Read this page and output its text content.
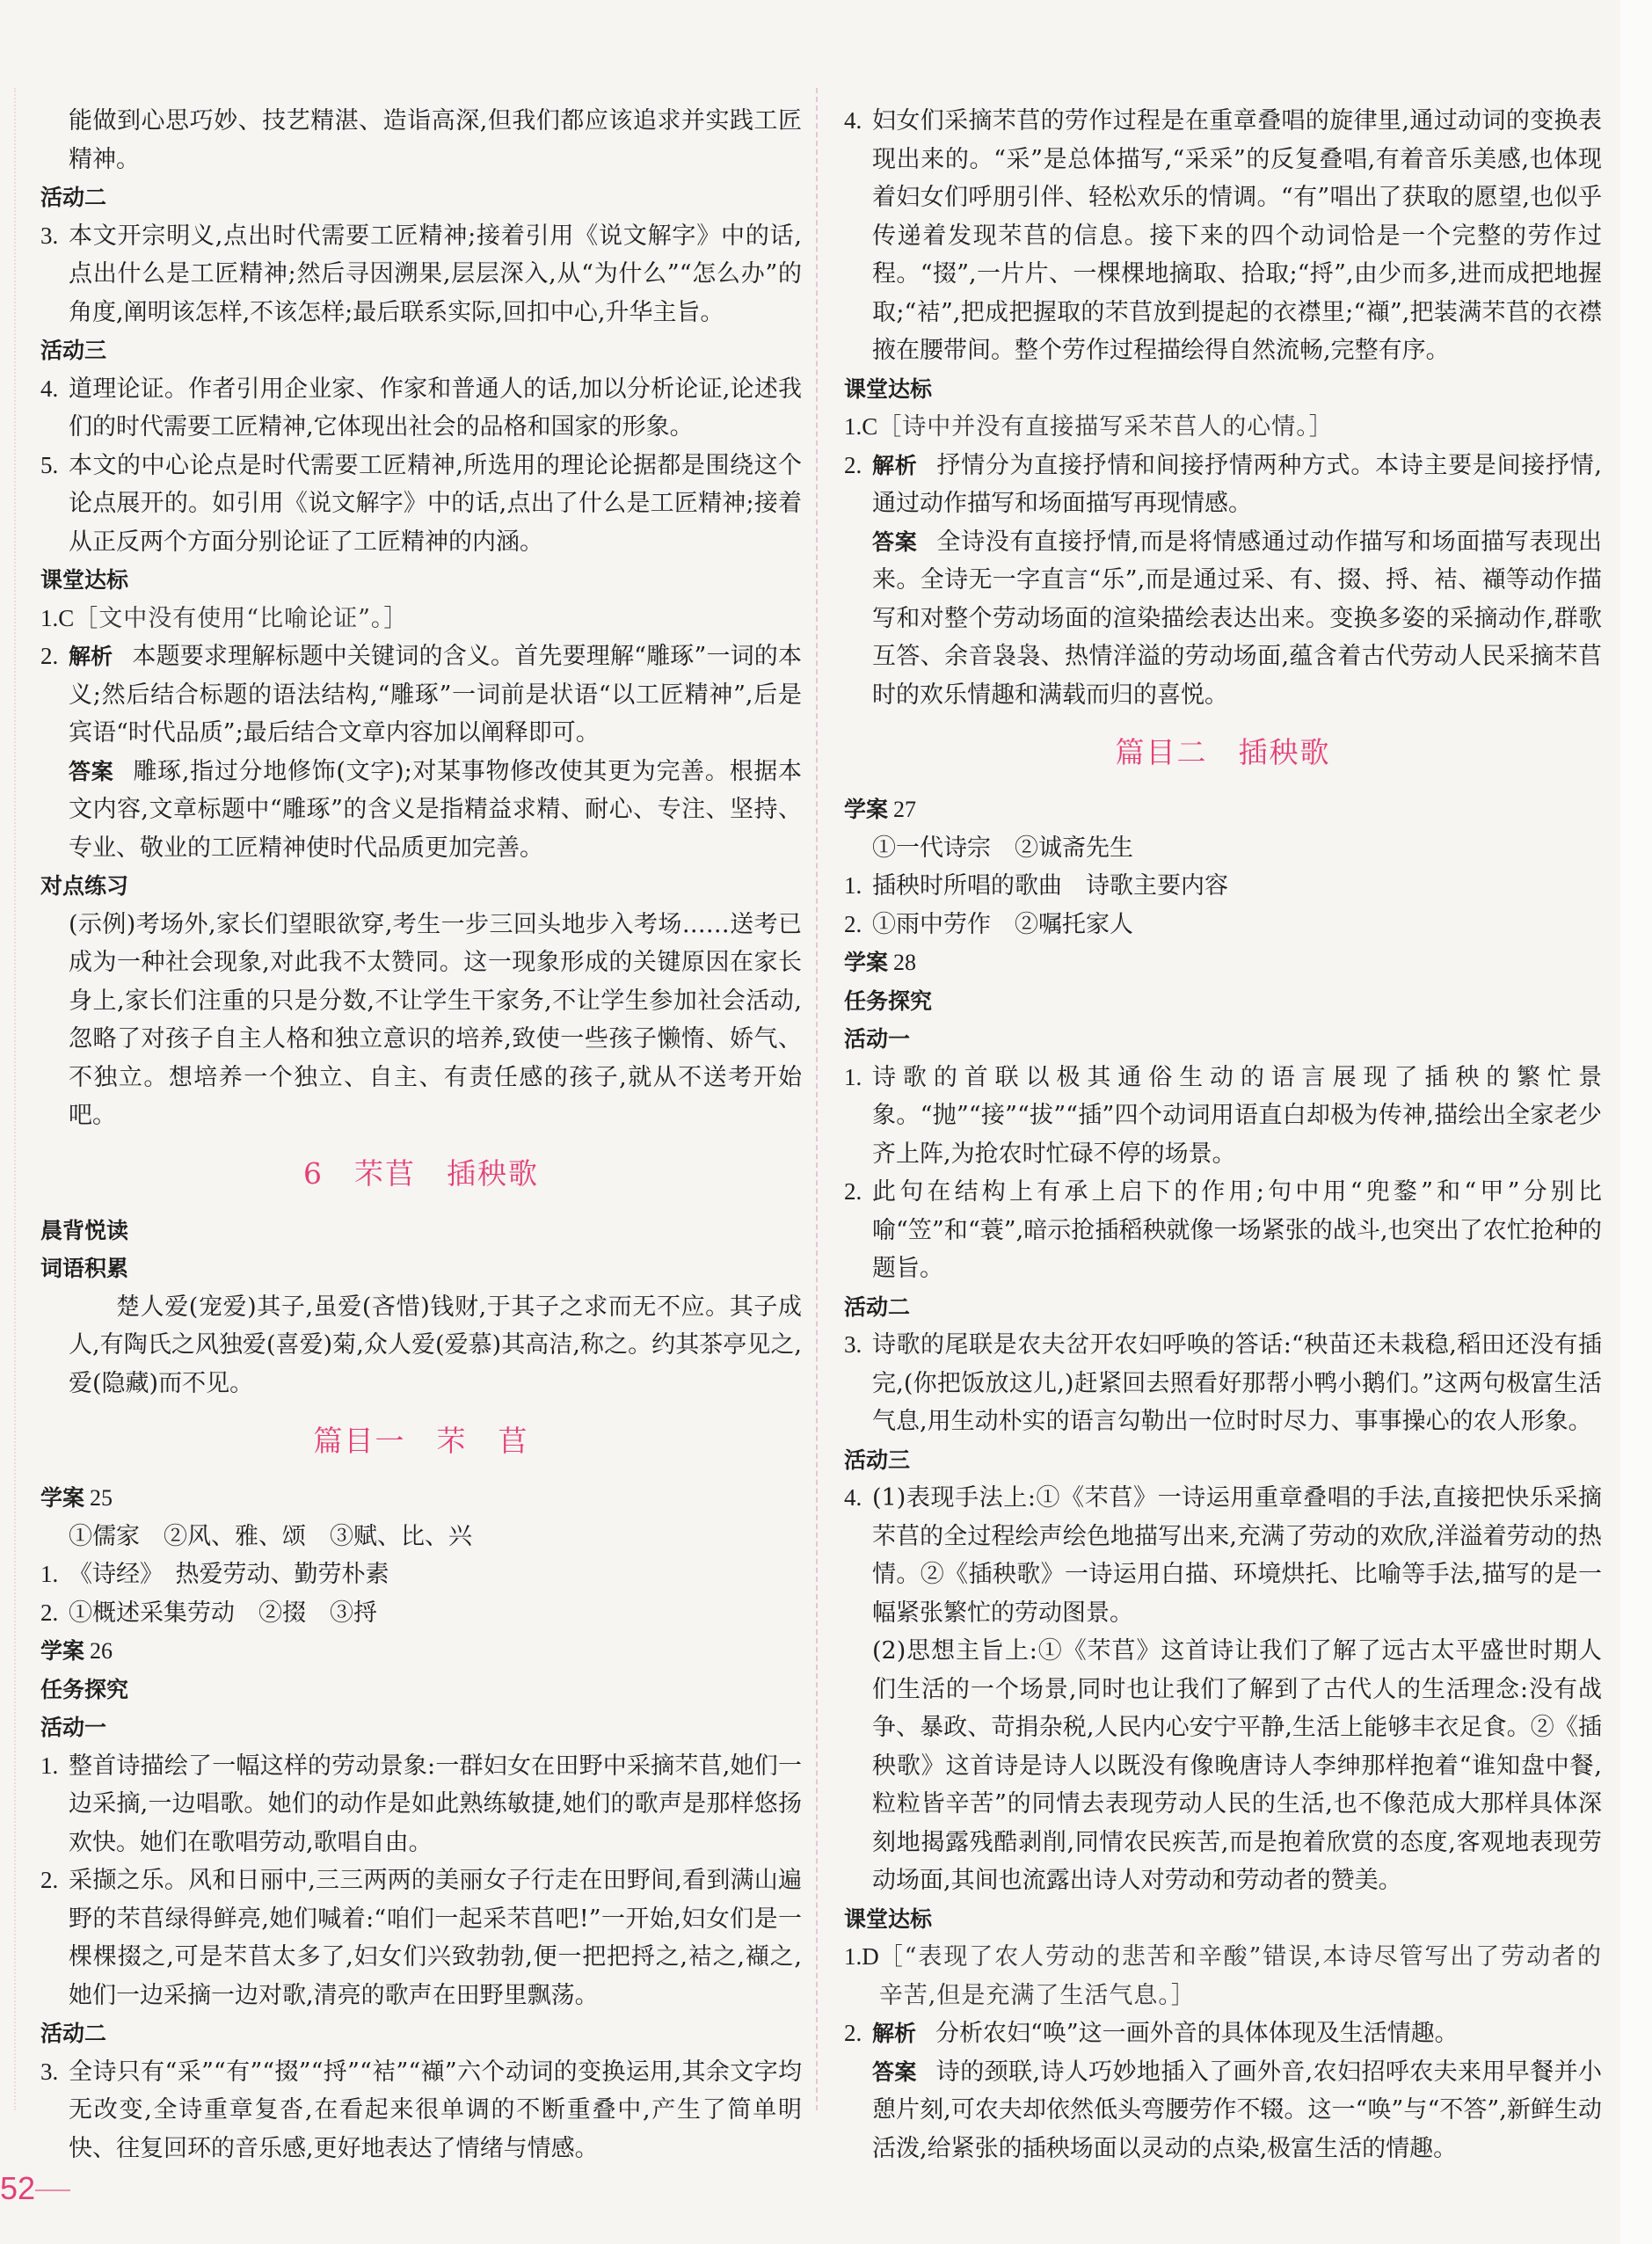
能做到心思巧妙、技艺精湛、造诣高深,但我们都应该追求并实践工匠精神。
活动二
3. 本文开宗明义,点出时代需要工匠精神;接着引用《说文解字》中的话,点出什么是工匠精神;然后寻因溯果,层层深入,从“为什么”“怎么办”的角度,阐明该怎样,不该怎样;最后联系实际,回扣中心,升华主旨。
活动三
4. 道理论证。作者引用企业家、作家和普通人的话,加以分析论证,论述我们的时代需要工匠精神,它体现出社会的品格和国家的形象。
5. 本文的中心论点是时代需要工匠精神,所选用的理论论据都是围绕这个论点展开的。如引用《说文解字》中的话,点出了什么是工匠精神;接着从正反两个方面分别论证了工匠精神的内涵。
课堂达标
1.C ［文中没有使用“比喻论证”。］
2. 解析 本题要求理解标题中关键词的含义。首先要理解“雕琢”一词的本义;然后结合标题的语法结构,“雕琢”一词前是状语“以工匠精神”,后是宾语“时代品质”;最后结合文章内容加以阐释即可。
答案 雕琢,指过分地修饰(文字);对某事物修改使其更为完善。根据本文内容,文章标题中“雕琢”的含义是指精益求精、耐心、专注、坚持、专业、敬业的工匠精神使时代品质更加完善。
对点练习
(示例)考场外,家长们望眼欲穿,考生一步三回头地步入考场……送考已成为一种社会现象,对此我不太赞同。这一现象形成的关键原因在家长身上,家长们注重的只是分数,不让学生干家务,不让学生参加社会活动,忽略了对孩子自主人格和独立意识的培养,致使一些孩子懒惰、娇气、不独立。想培养一个独立、自主、有责任感的孩子,就从不送考开始吧。
6　芣苢　插秧歌
晨背悦读
词语积累
楚人爱(宠爱)其子,虽爱(吝惜)钱财,于其子之求而无不应。其子成人,有陶氏之风独爱(喜爱)菊,众人爱(爱慕)其高洁,称之。约其茶亭见之,爱(隐藏)而不见。
篇目一　芣　苢
学案 25
①儒家　②风、雅、颂　③赋、比、兴
1. 《诗经》　热爱劳动、勤劳朴素
2. ①概述采集劳动　②掇　③捋
学案 26
任务探究
活动一
1. 整首诗描绘了一幅这样的劳动景象:一群妇女在田野中采摘芣苢,她们一边采摘,一边唱歌。她们的动作是如此熟练敏捷,她们的歌声是那样悠扬欢快。她们在歌唱劳动,歌唱自由。
2. 采撷之乐。风和日丽中,三三两两的美丽女子行走在田野间,看到满山遍野的芣苢绿得鲜亮,她们喊着:“咱们一起采芣苢吧!”一开始,妇女们是一棵棵掇之,可是芣苢太多了,妇女们兴致勃勃,便一把把捋之,袺之,襭之,她们一边采摘一边对歌,清亮的歌声在田野里飘荡。
活动二
3. 全诗只有“采”“有”“掇”“捋”“袺”“襭”六个动词的变换运用,其余文字均无改变,全诗重章复沓,在看起来很单调的不断重叠中,产生了简单明快、往复回环的音乐感,更好地表达了情绪与情感。
4. 妇女们采摘芣苢的劳作过程是在重章叠唱的旋律里,通过动词的变换表现出来的。“采”是总体描写,“采采”的反复叠唱,有着音乐美感,也体现着妇女们呼朋引伴、轻松欢乐的情调。“有”唱出了获取的愿望,也似乎传递着发现芣苢的信息。接下来的四个动词恰是一个完整的劳作过程。“掇”,一片片、一棵棵地摘取、拾取;“捋”,由少而多,进而成把地握取;“袺”,把成把握取的芣苢放到提起的衣襟里;“襭”,把装满芣苢的衣襟掖在腰带间。整个劳作过程描绘得自然流畅,完整有序。
课堂达标
1.C ［诗中并没有直接描写采芣苢人的心情。］
2. 解析 抒情分为直接抒情和间接抒情两种方式。本诗主要是间接抒情,通过动作描写和场面描写再现情感。
答案 全诗没有直接抒情,而是将情感通过动作描写和场面描写表现出来。全诗无一字直言“乐”,而是通过采、有、掇、捋、袺、襭等动作描写和对整个劳动场面的渲染描绘表达出来。变换多姿的采摘动作,群歌互答、余音袅袅、热情洋溢的劳动场面,蕴含着古代劳动人民采摘芣苢时的欢乐情趣和满载而归的喜悦。
篇目二　插秧歌
学案 27
①一代诗宗　②诚斋先生
1. 插秧时所唱的歌曲　诗歌主要内容
2. ①雨中劳作　②嘱托家人
学案 28
任务探究
活动一
1. 诗歌的首联以极其通俗生动的语言展现了插秧的繁忙景象。“抛”“接”“拔”“插”四个动词用语直白却极为传神,描绘出全家老少齐上阵,为抢农时忙碌不停的场景。
2. 此句在结构上有承上启下的作用;句中用“兜鍪”和“甲”分别比喻“笠”和“蓑”,暗示抢插稻秧就像一场紧张的战斗,也突出了农忙抢种的题旨。
活动二
3. 诗歌的尾联是农夫岔开农妇呼唤的答话:“秧苗还未栽稳,稻田还没有插完,(你把饭放这儿,)赶紧回去照看好那帮小鸭小鹅们。”这两句极富生活气息,用生动朴实的语言勾勒出一位时时尽力、事事操心的农人形象。
活动三
4. (1)表现手法上:①《芣苢》一诗运用重章叠唱的手法,直接把快乐采摘芣苢的全过程绘声绘色地描写出来,充满了劳动的欢欣,洋溢着劳动的热情。②《插秧歌》一诗运用白描、环境烘托、比喻等手法,描写的是一幅紧张繁忙的劳动图景。
(2)思想主旨上:①《芣苢》这首诗让我们了解了远古太平盛世时期人们生活的一个场景,同时也让我们了解到了古代人的生活理念:没有战争、暴政、苛捐杂税,人民内心安宁平静,生活上能够丰衣足食。②《插秧歌》这首诗是诗人以既没有像晚唐诗人李绅那样抱着“谁知盘中餐,粒粒皆辛苦”的同情去表现劳动人民的生活,也不像范成大那样具体深刻地揭露残酷剥削,同情农民疾苦,而是抱着欣赏的态度,客观地表现劳动场面,其间也流露出诗人对劳动和劳动者的赞美。
课堂达标
1.D ［“表现了农人劳动的悲苦和辛酸”错误,本诗尽管写出了劳动者的辛苦,但是充满了生活气息。］
2. 解析 分析农妇“唤”这一画外音的具体体现及生活情趣。
答案 诗的颈联,诗人巧妙地插入了画外音,农妇招呼农夫来用早餐并小憩片刻,可农夫却依然低头弯腰劳作不辍。这一“唤”与“不答”,新鲜生动活泼,给紧张的插秧场面以灵动的点染,极富生活的情趣。
52
